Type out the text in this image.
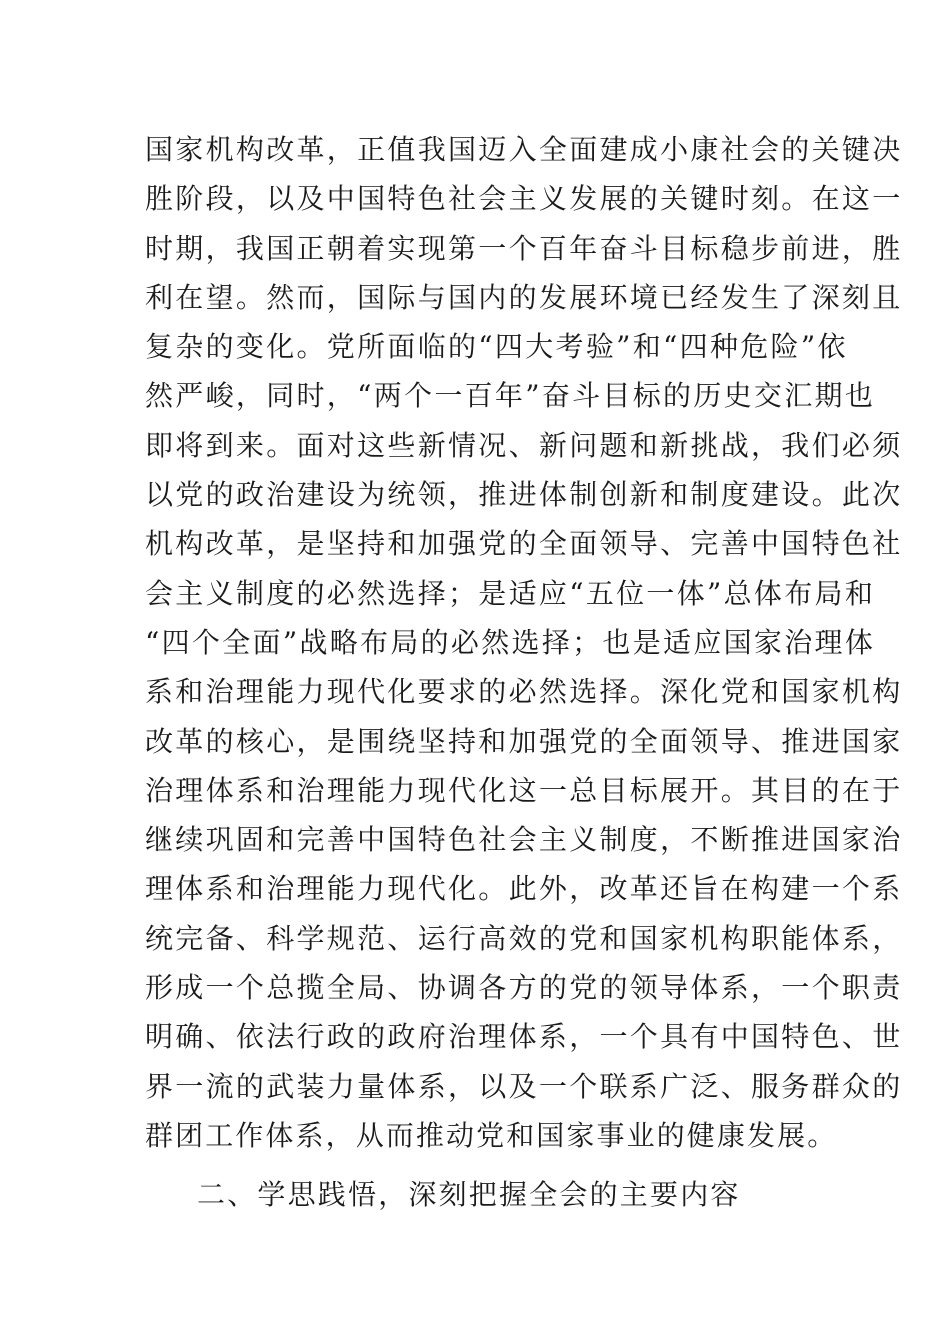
国家机构改革，正值我国迈入全面建成小康社会的关键决
胜阶段，以及中国特色社会主义发展的关键时刻。在这一
时期，我国正朝着实现第一个百年奋斗目标稳步前进，胜
利在望。然而，国际与国内的发展环境已经发生了深刻且
复杂的变化。党所面临的“四大考验”和“四种危险”依
然严峻，同时，“两个一百年”奋斗目标的历史交汇期也
即将到来。面对这些新情况、新问题和新挑战，我们必须
以党的政治建设为统领，推进体制创新和制度建设。此次
机构改革，是坚持和加强党的全面领导、完善中国特色社
会主义制度的必然选择；是适应“五位一体”总体布局和
“四个全面”战略布局的必然选择；也是适应国家治理体
系和治理能力现代化要求的必然选择。深化党和国家机构
改革的核心，是围绕坚持和加强党的全面领导、推进国家
治理体系和治理能力现代化这一总目标展开。其目的在于
继续巩固和完善中国特色社会主义制度，不断推进国家治
理体系和治理能力现代化。此外，改革还旨在构建一个系
统完备、科学规范、运行高效的党和国家机构职能体系，
形成一个总揽全局、协调各方的党的领导体系，一个职责
明确、依法行政的政府治理体系，一个具有中国特色、世
界一流的武装力量体系，以及一个联系广泛、服务群众的
群团工作体系，从而推动党和国家事业的健康发展。
二、学思践悟，深刻把握全会的主要内容
